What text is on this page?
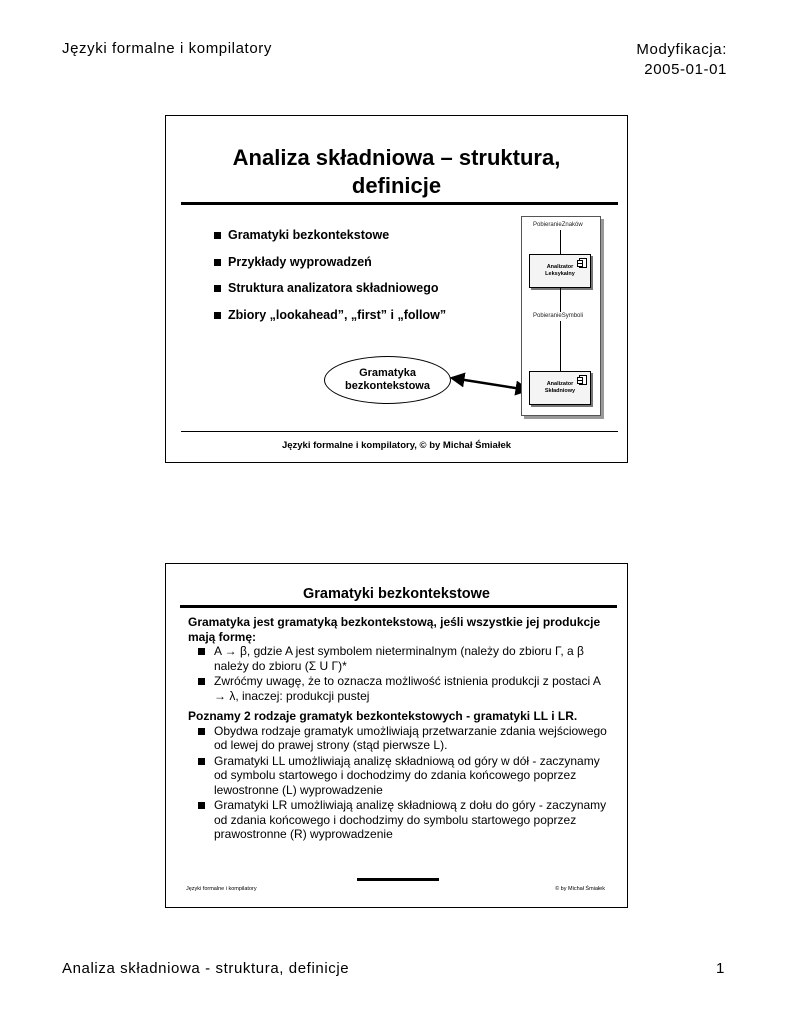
Języki formalne i kompilatory	Modyfikacja:
2005-01-01
Analiza składniowa – struktura,
definicje
Gramatyki bezkontekstowe
Przykłady wyprowadzeń
Struktura analizatora składniowego
Zbiory „lookahead”, „first” i „follow”
Gramatyka
bezkontekstowa
PobieranieZnaków
Analizator
Leksykalny
PobieranieSymboli
Analizator
Składniowy
Języki formalne i kompilatory, © by Michał Śmiałek
Gramatyki bezkontekstowe

Gramatyka jest gramatyką bezkontekstową, jeśli wszystkie jej produkcje mają formę:

A → β, gdzie A jest symbolem nieterminalnym (należy do zbioru Γ, a β należy do zbioru (Σ U Γ)*
Zwróćmy uwagę, że to oznacza możliwość istnienia produkcji z postaci A → λ, inaczej: produkcji pustej

Poznamy 2 rodzaje gramatyk bezkontekstowych - gramatyki LL i LR.

Obydwa rodzaje gramatyk umożliwiają przetwarzanie zdania wejściowego od lewej do prawej strony (stąd pierwsze L).
Gramatyki LL umożliwiają analizę składniową od góry w dół - zaczynamy od symbolu startowego i dochodzimy do zdania końcowego poprzez lewostronne (L) wyprowadzenie
Gramatyki LR umożliwiają analizę składniową z dołu do góry - zaczynamy od zdania końcowego i dochodzimy do symbolu startowego poprzez prawostronne (R) wyprowadzenie
Języki formalne i kompilatory	© by Michał Śmiałek
Analiza składniowa - struktura, definicje	1
